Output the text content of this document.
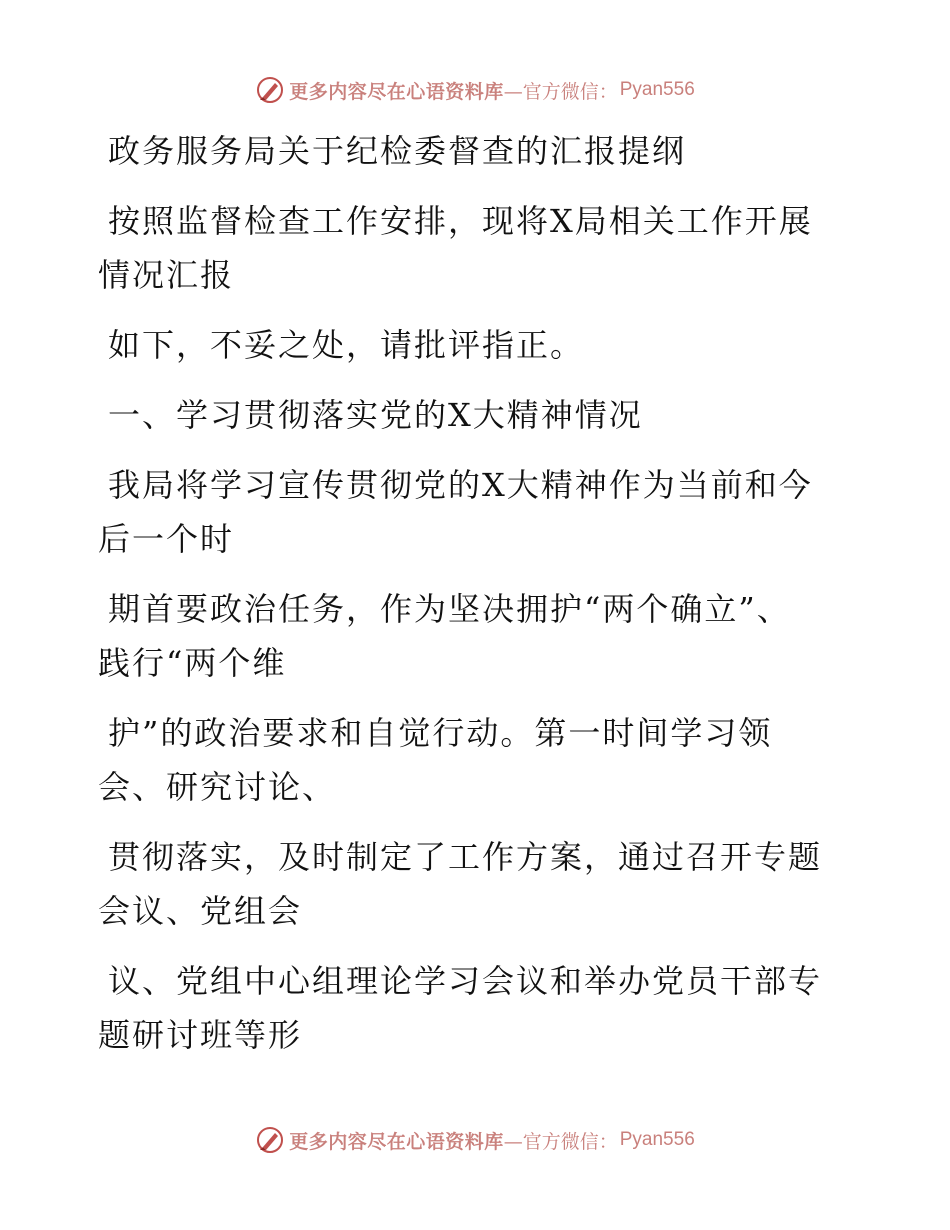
更多内容尽在心语资料库 —官方微信： Pyan556
政务服务局关于纪检委督查的汇报提纲
按照监督检查工作安排，现将X局相关工作开展
情况汇报
如下，不妥之处，请批评指正。
一、学习贯彻落实党的X大精神情况
我局将学习宣传贯彻党的X大精神作为当前和今
后一个时
期首要政治任务，作为坚决拥护“两个确立”、
践行“两个维
护”的政治要求和自觉行动。第一时间学习领
会、研究讨论、
贯彻落实，及时制定了工作方案，通过召开专题
会议、党组会
议、党组中心组理论学习会议和举办党员干部专
题研讨班等形
更多内容尽在心语资料库 —官方微信： Pyan556
